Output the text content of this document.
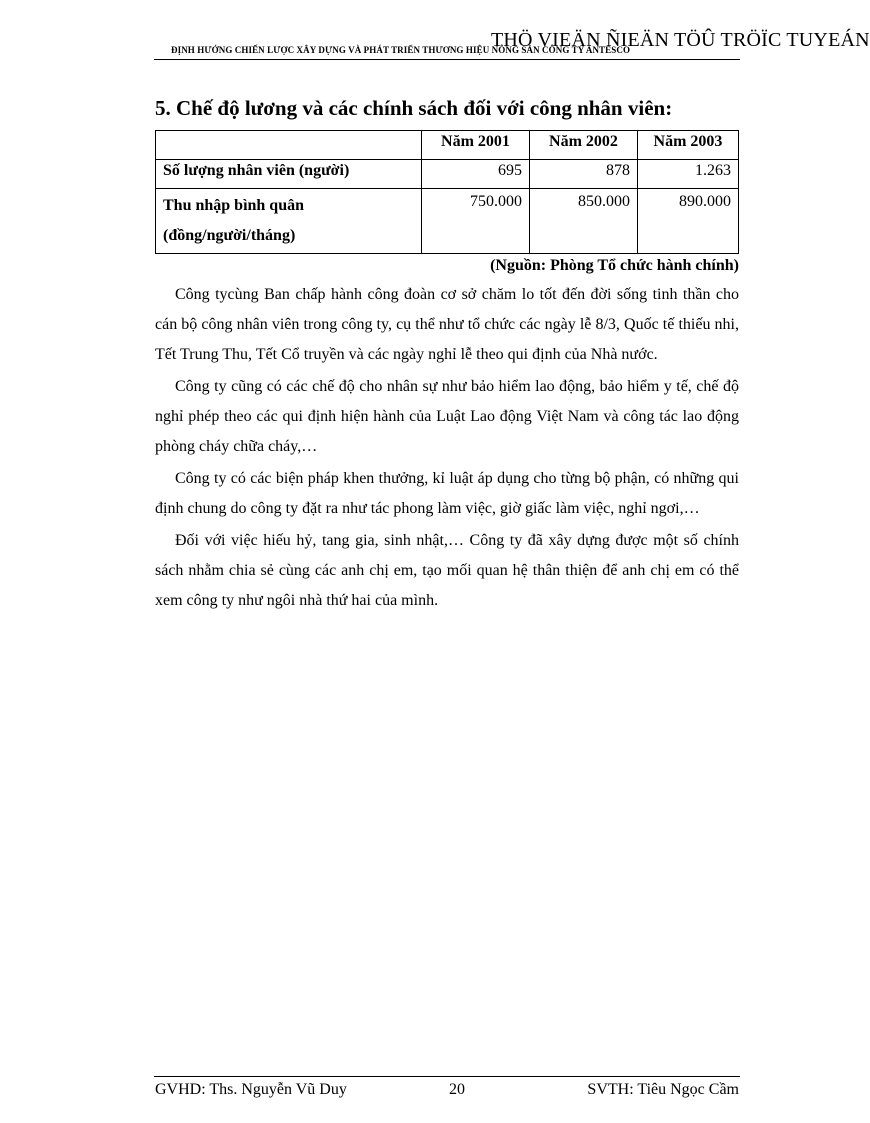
THÖ VIEÄN ÑIEÄN TÖÛ TRÖÏC TUYEÁN
ĐỊNH HƯỚNG CHIẾN LƯỢC XÂY DỰNG VÀ PHÁT TRIỂN THƯƠNG HIỆU NÔNG SẢN CÔNG TY ANTESCO
5. Chế độ lương và các chính sách đối với công nhân viên:
	Năm 2001	Năm 2002	Năm 2003
Số lượng nhân viên (người)	695	878	1.263

Thu nhập bình quân
(đồng/người/tháng)	750.000	850.000	890.000
(Nguồn: Phòng Tổ chức hành chính)

Công tycùng Ban chấp hành công đoàn cơ sở chăm lo tốt đến đời sống tinh thần cho cán bộ công nhân viên trong công ty, cụ thể như tổ chức các ngày lễ 8/3, Quốc tế thiếu nhi, Tết Trung Thu, Tết Cổ truyền và các ngày nghỉ lễ theo qui định của Nhà nước.

Công ty cũng có các chế độ cho nhân sự như bảo hiểm lao động, bảo hiểm y tế, chế độ nghỉ phép theo các qui định hiện hành của Luật Lao động Việt Nam và công tác lao động phòng cháy chữa cháy,…

Công ty có các biện pháp khen thưởng, kỉ luật áp dụng cho từng bộ phận, có những qui định chung do công ty đặt ra như tác phong làm việc, giờ giấc làm việc, nghỉ ngơi,…

Đối với việc hiếu hỷ, tang gia, sinh nhật,… Công ty đã xây dựng được một số chính sách nhằm chia sẻ cùng các anh chị em, tạo mối quan hệ thân thiện để anh chị em có thể xem công ty như ngôi nhà thứ hai của mình.

GVHD: Ths. Nguyễn Vũ Duy	20	SVTH: Tiêu Ngọc Cầm
